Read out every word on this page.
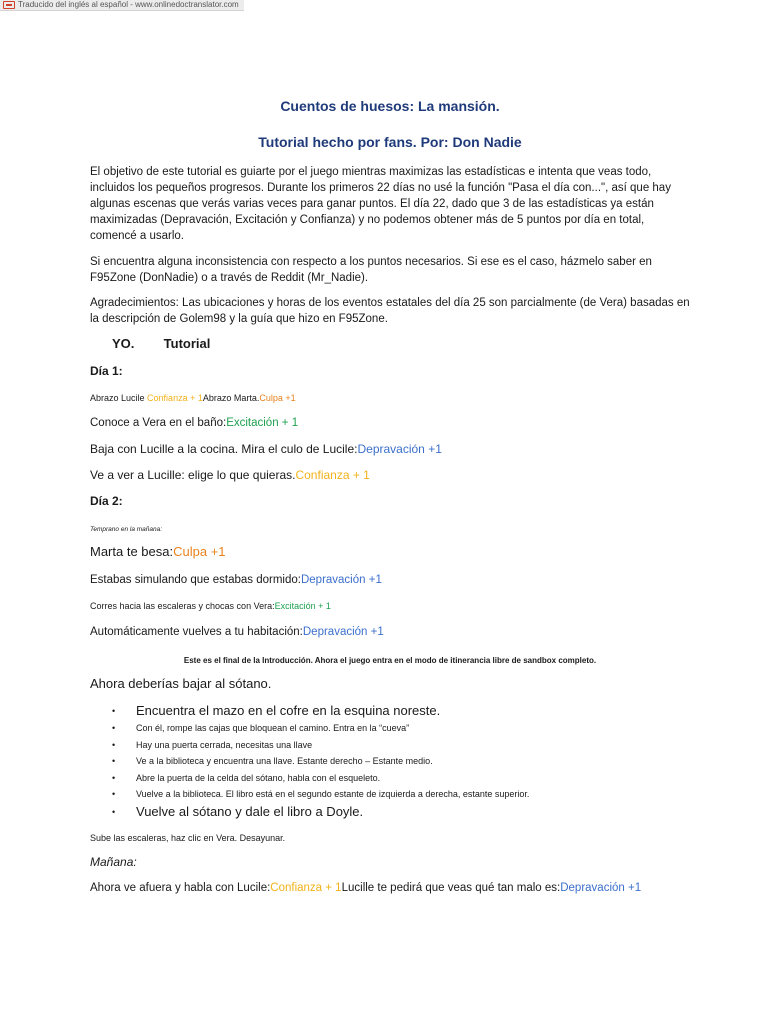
Traducido del inglés al español - www.onlinedoctranslator.com
Cuentos de huesos: La mansión.
Tutorial hecho por fans. Por: Don Nadie
El objetivo de este tutorial es guiarte por el juego mientras maximizas las estadísticas e intenta que veas todo, incluidos los pequeños progresos. Durante los primeros 22 días no usé la función "Pasa el día con...", así que hay algunas escenas que verás varias veces para ganar puntos. El día 22, dado que 3 de las estadísticas ya están maximizadas (Depravación, Excitación y Confianza) y no podemos obtener más de 5 puntos por día en total, comencé a usarlo.
Si encuentra alguna inconsistencia con respecto a los puntos necesarios. Si ese es el caso, házmelo saber en F95Zone (DonNadie) o a través de Reddit (Mr_Nadie).
Agradecimientos: Las ubicaciones y horas de los eventos estatales del día 25 son parcialmente (de Vera) basadas en la descripción de Golem98 y la guía que hizo en F95Zone.
YO. Tutorial
Día 1:
Abrazo Lucile Confianza + 1Abrazo Marta.Culpa +1
Conoce a Vera en el baño:Excitación + 1
Baja con Lucille a la cocina. Mira el culo de Lucile:Depravación +1
Ve a ver a Lucille: elige lo que quieras.Confianza + 1
Día 2:
Temprano en la mañana:
Marta te besa:Culpa +1
Estabas simulando que estabas dormido:Depravación +1
Corres hacia las escaleras y chocas con Vera:Excitación + 1
Automáticamente vuelves a tu habitación:Depravación +1
Este es el final de la Introducción. Ahora el juego entra en el modo de itinerancia libre de sandbox completo.
Ahora deberías bajar al sótano.
• Encuentra el mazo en el cofre en la esquina noreste.
• Con él, rompe las cajas que bloquean el camino. Entra en la “cueva”
• Hay una puerta cerrada, necesitas una llave
• Ve a la biblioteca y encuentra una llave. Estante derecho – Estante medio.
• Abre la puerta de la celda del sótano, habla con el esqueleto.
• Vuelve a la biblioteca. El libro está en el segundo estante de izquierda a derecha, estante superior.
• Vuelve al sótano y dale el libro a Doyle.
Sube las escaleras, haz clic en Vera. Desayunar.
Mañana:
Ahora ve afuera y habla con Lucile:Confianza + 1Lucille te pedirá que veas qué tan malo es:Depravación +1
